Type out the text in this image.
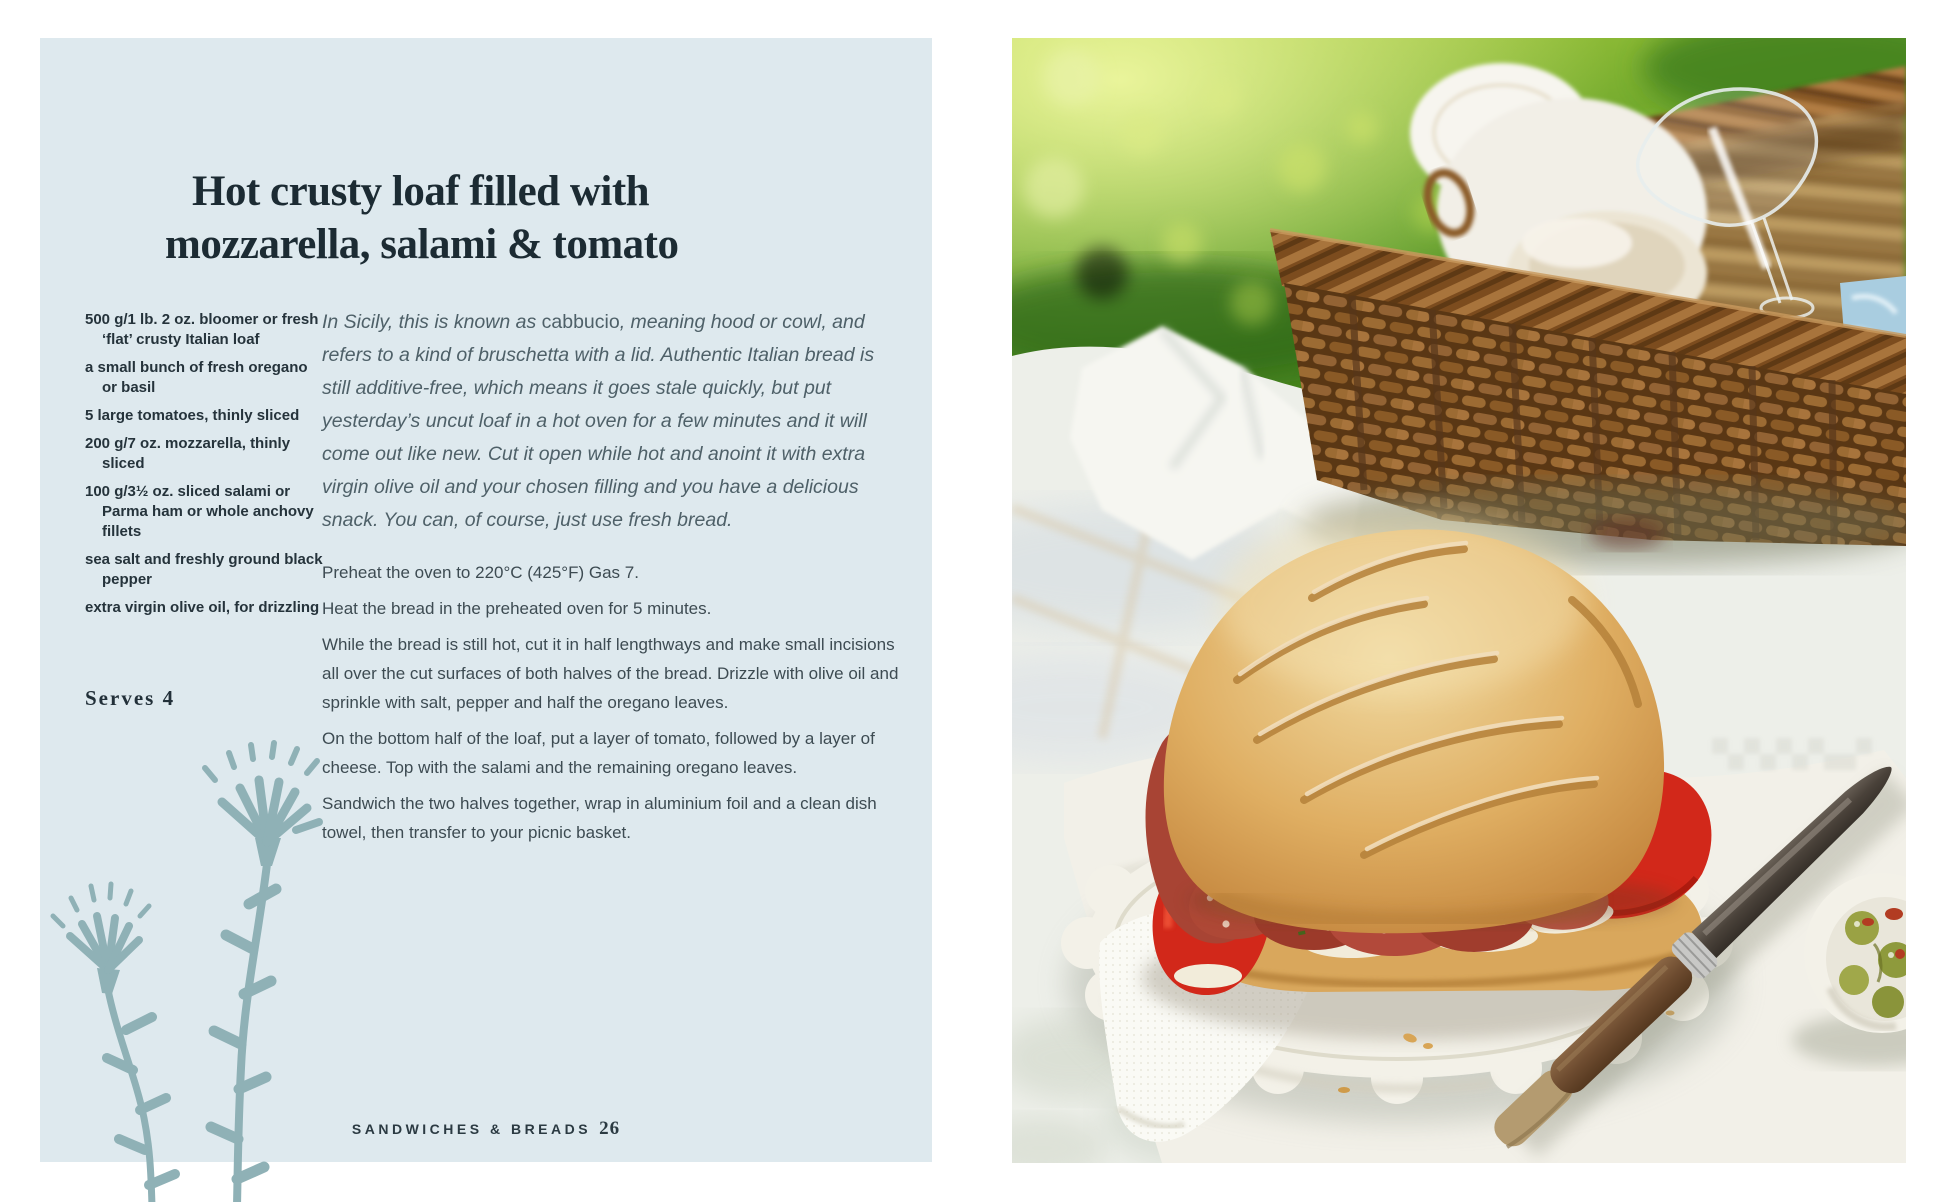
Hot crusty loaf filled with
mozzarella, salami & tomato
500 g/1 lb. 2 oz. bloomer or fresh ‘flat’ crusty Italian loaf
a small bunch of fresh oregano or basil
5 large tomatoes, thinly sliced
200 g/7 oz. mozzarella, thinly sliced
100 g/3½ oz. sliced salami or Parma ham or whole anchovy fillets
sea salt and freshly ground black pepper
extra virgin olive oil, for drizzling
Serves 4

In Sicily, this is known as cabbucio, meaning hood or cowl, and refers to a kind of bruschetta with a lid. Authentic Italian bread is still additive-free, which means it goes stale quickly, but put yesterday’s uncut loaf in a hot oven for a few minutes and it will come out like new. Cut it open while hot and anoint it with extra virgin olive oil and your chosen filling and you have a delicious snack. You can, of course, just use fresh bread.

Preheat the oven to 220°C (425°F) Gas 7.

Heat the bread in the preheated oven for 5 minutes.

While the bread is still hot, cut it in half lengthways and make small incisions all over the cut surfaces of both halves of the bread. Drizzle with olive oil and sprinkle with salt, pepper and half the oregano leaves.

On the bottom half of the loaf, put a layer of tomato, followed by a layer of cheese. Top with the salami and the remaining oregano leaves.

Sandwich the two halves together, wrap in aluminium foil and a clean dish towel, then transfer to your picnic basket.

SANDWICHES & BREADS 26
